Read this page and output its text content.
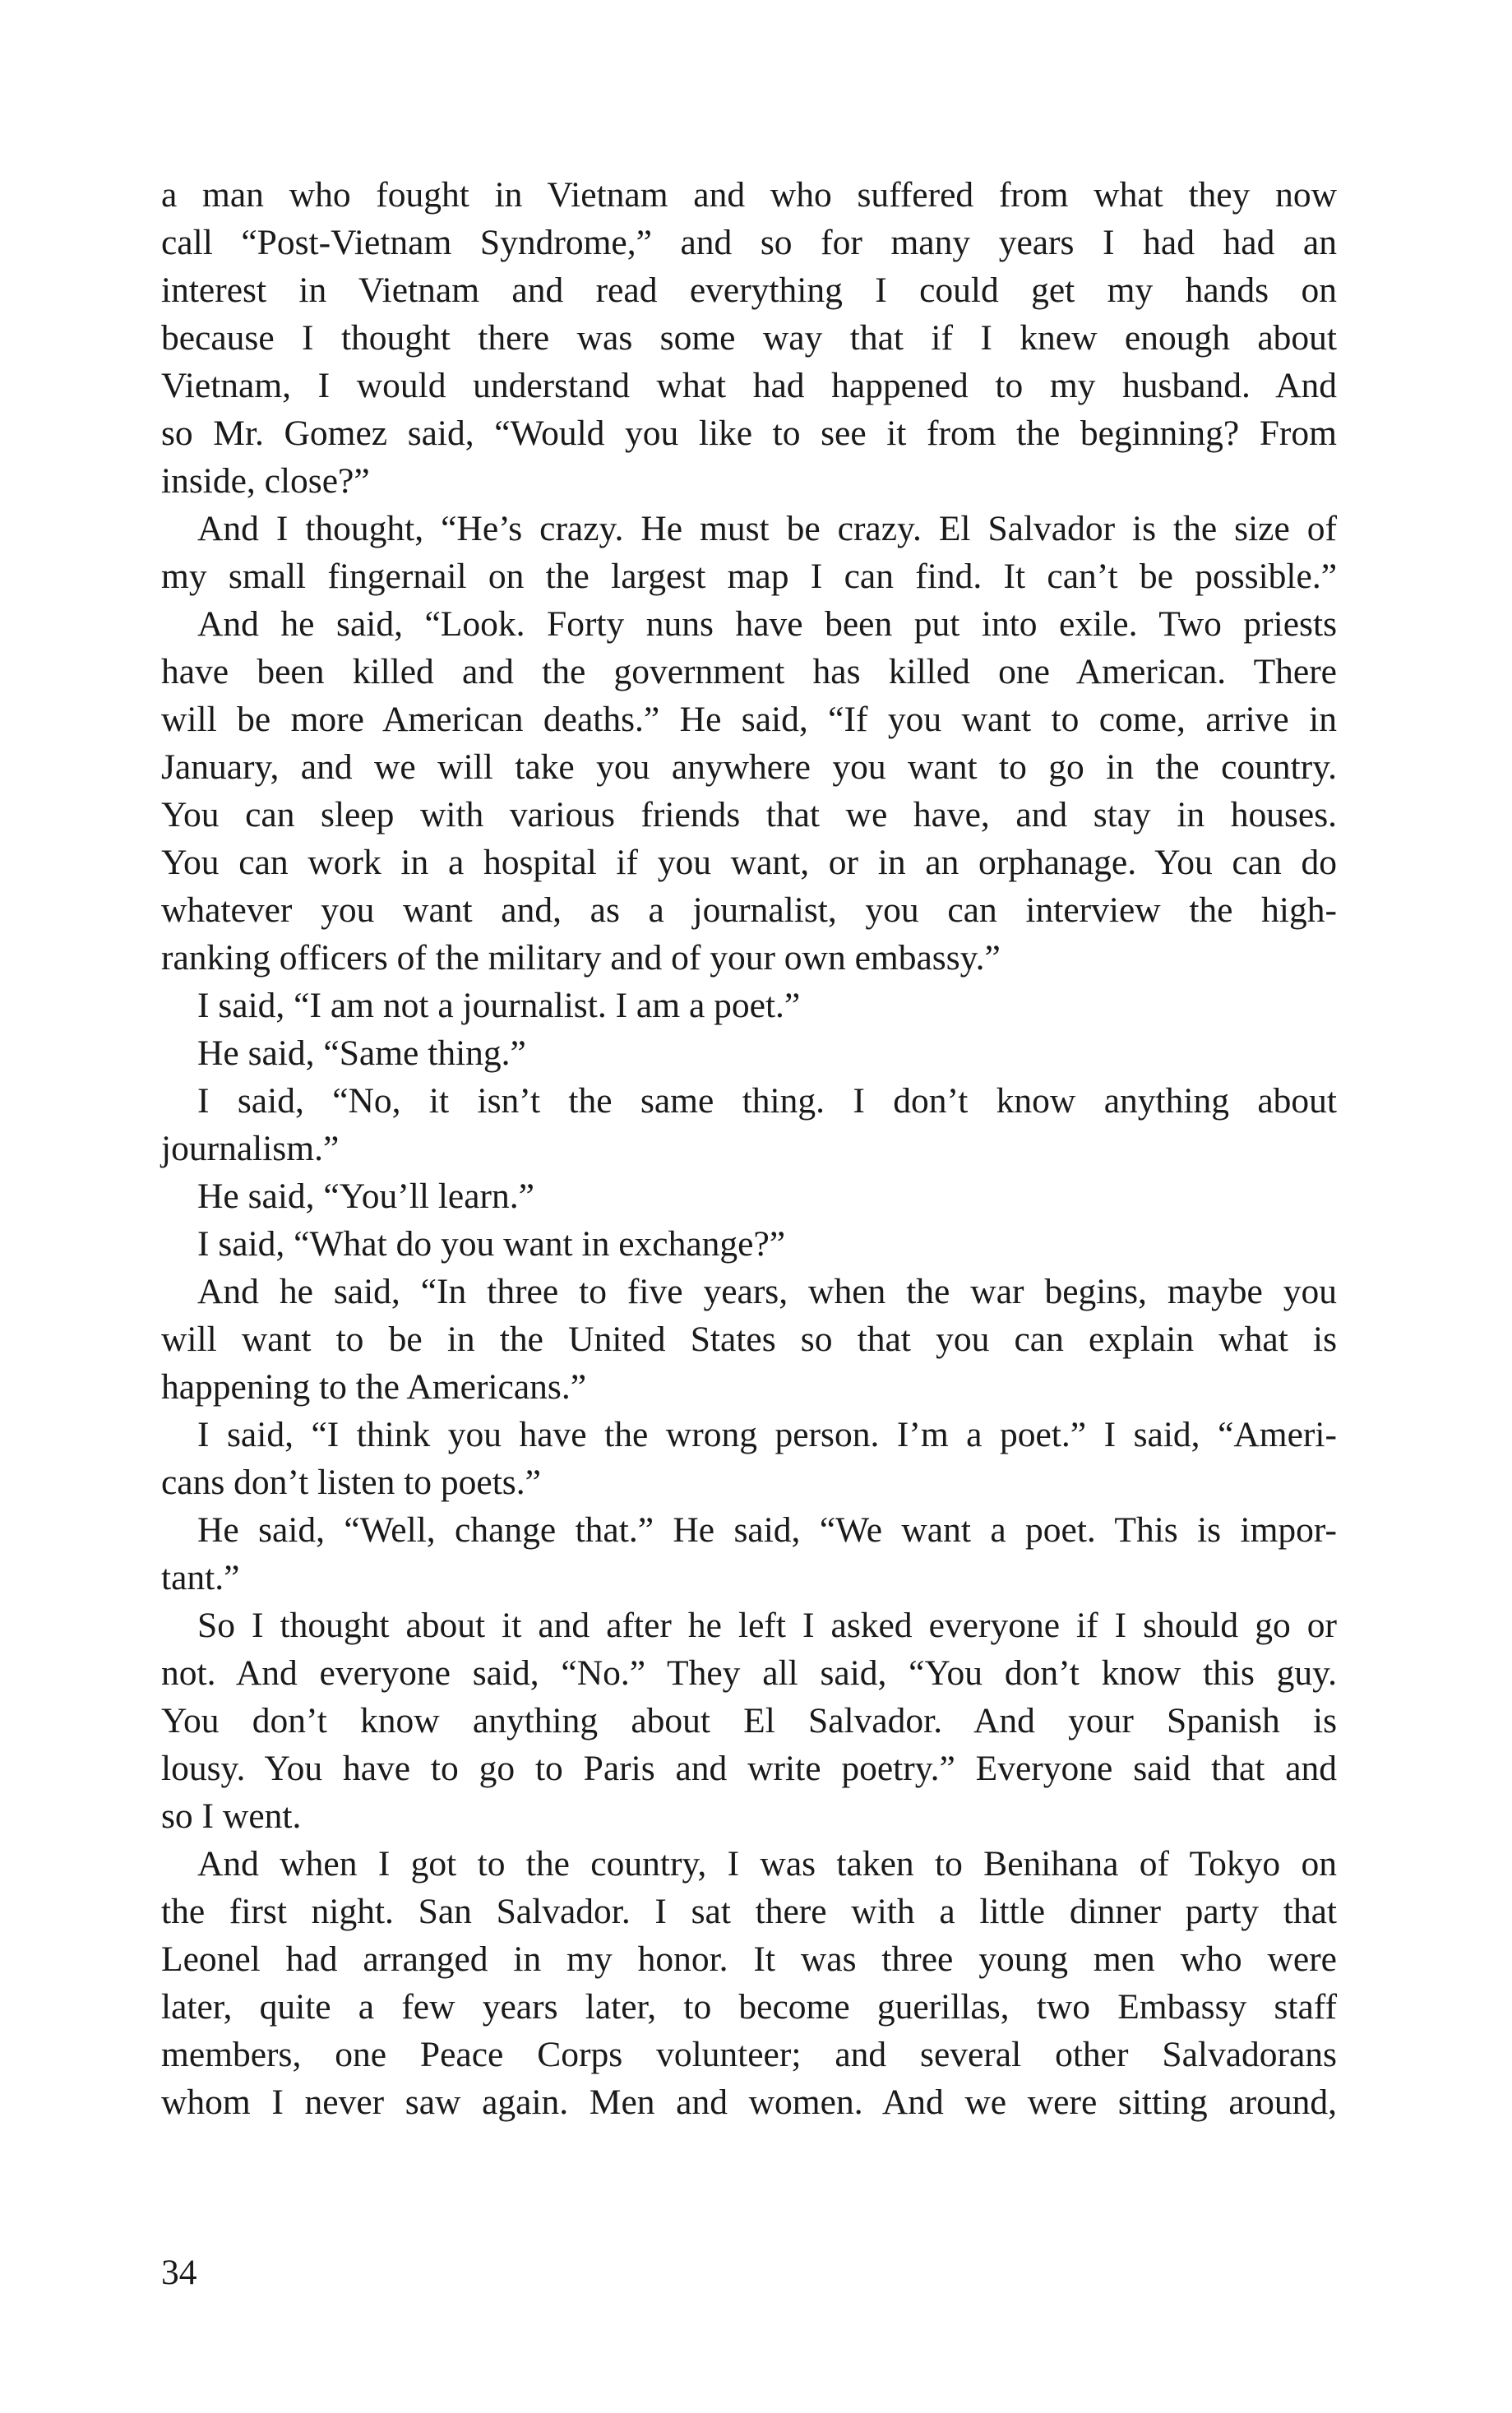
a man who fought in Vietnam and who suffered from what they now
call “Post-Vietnam Syndrome,” and so for many years I had had an
interest in Vietnam and read everything I could get my hands on
because I thought there was some way that if I knew enough about
Vietnam, I would understand what had happened to my husband. And
so Mr. Gomez said, “Would you like to see it from the beginning? From
inside, close?”
And I thought, “He’s crazy. He must be crazy. El Salvador is the size of
my small fingernail on the largest map I can find. It can’t be possible.”
And he said, “Look. Forty nuns have been put into exile. Two priests
have been killed and the government has killed one American. There
will be more American deaths.” He said, “If you want to come, arrive in
January, and we will take you anywhere you want to go in the country.
You can sleep with various friends that we have, and stay in houses.
You can work in a hospital if you want, or in an orphanage. You can do
whatever you want and, as a journalist, you can interview the high-
ranking officers of the military and of your own embassy.”
I said, “I am not a journalist. I am a poet.”
He said, “Same thing.”
I said, “No, it isn’t the same thing. I don’t know anything about
journalism.”
He said, “You’ll learn.”
I said, “What do you want in exchange?”
And he said, “In three to five years, when the war begins, maybe you
will want to be in the United States so that you can explain what is
happening to the Americans.”
I said, “I think you have the wrong person. I’m a poet.” I said, “Ameri-
cans don’t listen to poets.”
He said, “Well, change that.” He said, “We want a poet. This is impor-
tant.”
So I thought about it and after he left I asked everyone if I should go or
not. And everyone said, “No.” They all said, “You don’t know this guy.
You don’t know anything about El Salvador. And your Spanish is
lousy. You have to go to Paris and write poetry.” Everyone said that and
so I went.
And when I got to the country, I was taken to Benihana of Tokyo on
the first night. San Salvador. I sat there with a little dinner party that
Leonel had arranged in my honor. It was three young men who were
later, quite a few years later, to become guerillas, two Embassy staff
members, one Peace Corps volunteer; and several other Salvadorans
whom I never saw again. Men and women. And we were sitting around,
34
